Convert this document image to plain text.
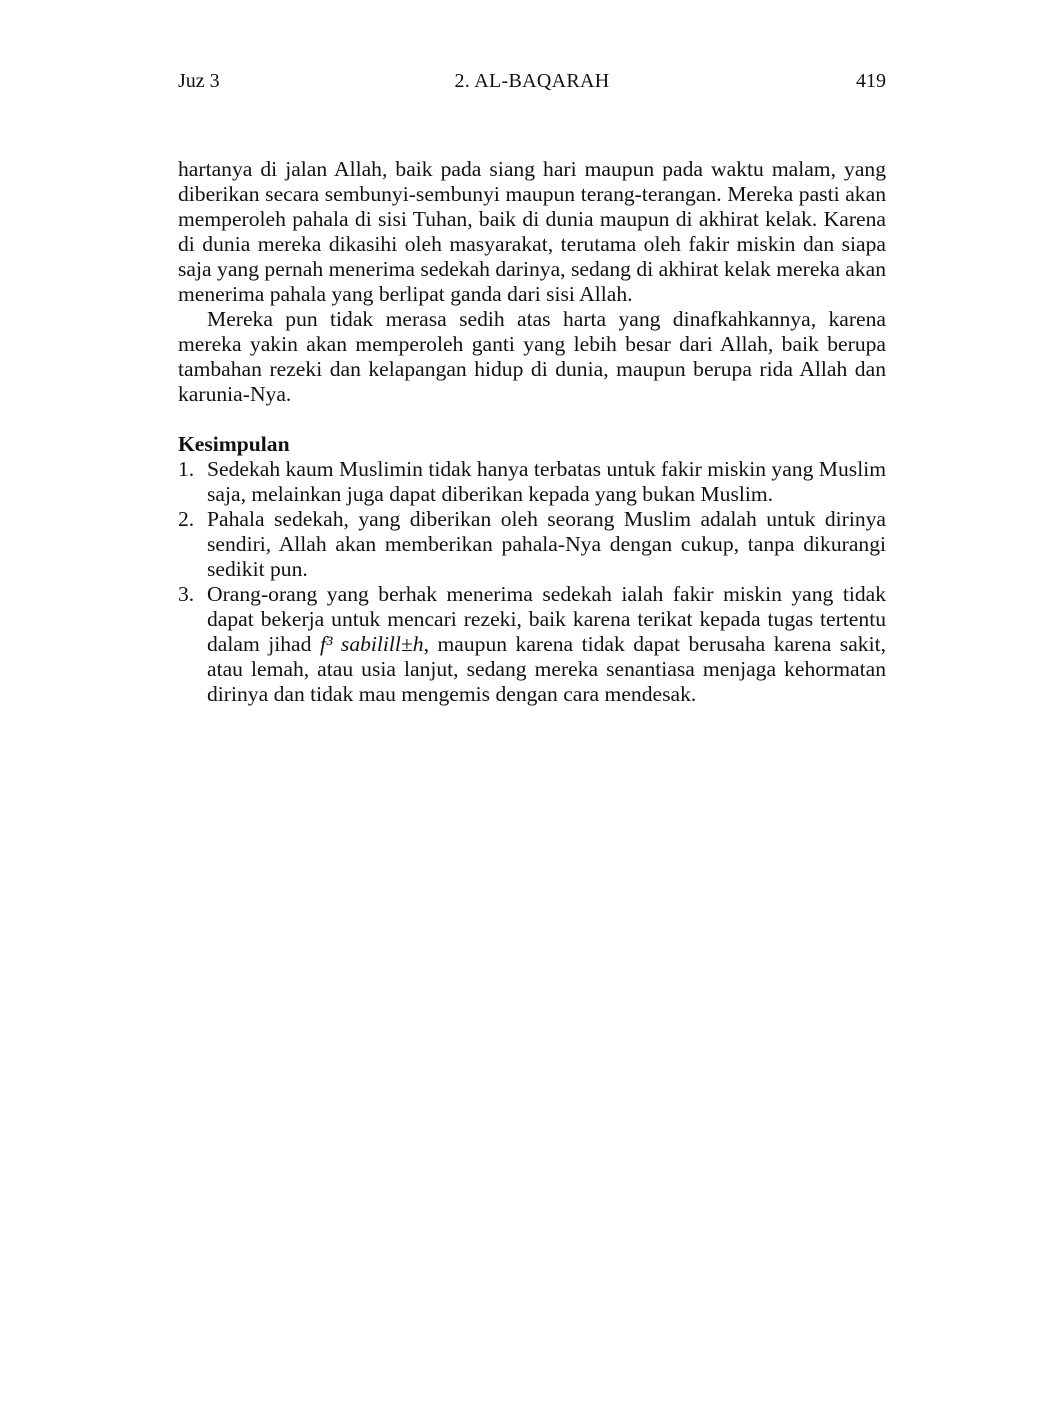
Juz 3	2. AL-BAQARAH	419

hartanya di jalan Allah, baik pada siang hari maupun pada waktu malam, yang diberikan secara sembunyi-sembunyi maupun terang-terangan. Mereka pasti akan memperoleh pahala di sisi Tuhan, baik di dunia maupun di akhirat kelak. Karena di dunia mereka dikasihi oleh masyarakat, terutama oleh fakir miskin dan siapa saja yang pernah menerima sedekah darinya, sedang di akhirat kelak mereka akan menerima pahala yang berlipat ganda dari sisi Allah.

Mereka pun tidak merasa sedih atas harta yang dinafkahkannya, karena mereka yakin akan memperoleh ganti yang lebih besar dari Allah, baik berupa tambahan rezeki dan kelapangan hidup di dunia, maupun berupa rida Allah dan karunia-Nya.

Kesimpulan
1. Sedekah kaum Muslimin tidak hanya terbatas untuk fakir miskin yang Muslim saja, melainkan juga dapat diberikan kepada yang bukan Muslim.
2. Pahala sedekah, yang diberikan oleh seorang Muslim adalah untuk dirinya sendiri, Allah akan memberikan pahala-Nya dengan cukup, tanpa dikurangi sedikit pun.
3. Orang-orang yang berhak menerima sedekah ialah fakir miskin yang tidak dapat bekerja untuk mencari rezeki, baik karena terikat kepada tugas tertentu dalam jihad f³ sabilill±h, maupun karena tidak dapat berusaha karena sakit, atau lemah, atau usia lanjut, sedang mereka senantiasa menjaga kehormatan dirinya dan tidak mau mengemis dengan cara mendesak.
